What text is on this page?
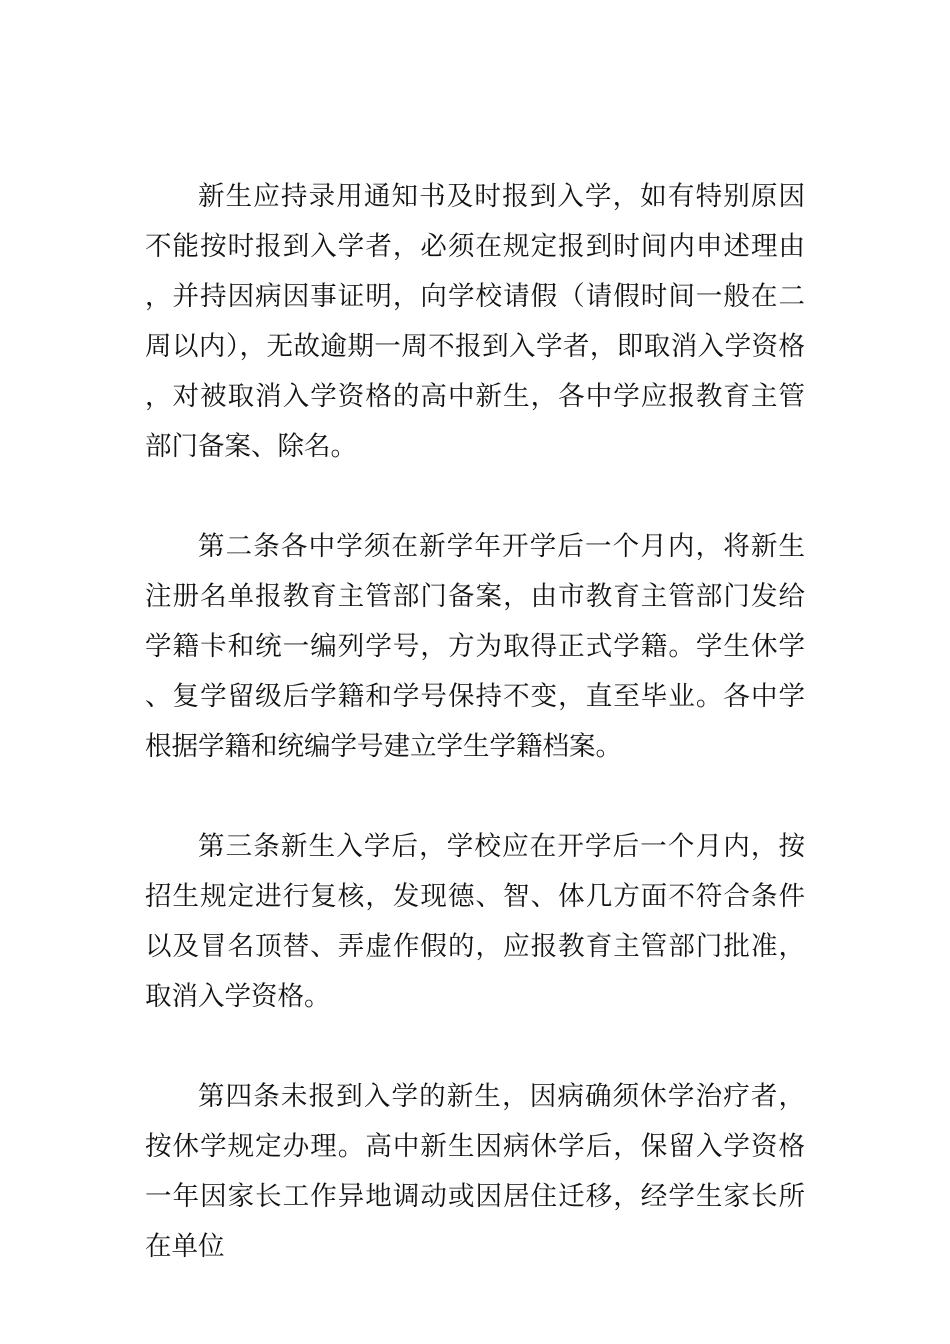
新生应持录用通知书及时报到入学，如有特别原因不能按时报到入学者，必须在规定报到时间内申述理由，并持因病因事证明，向学校请假（请假时间一般在二周以内），无故逾期一周不报到入学者，即取消入学资格，对被取消入学资格的高中新生，各中学应报教育主管部门备案、除名。

第二条各中学须在新学年开学后一个月内，将新生注册名单报教育主管部门备案，由市教育主管部门发给学籍卡和统一编列学号，方为取得正式学籍。学生休学、复学留级后学籍和学号保持不变，直至毕业。各中学根据学籍和统编学号建立学生学籍档案。

第三条新生入学后，学校应在开学后一个月内，按招生规定进行复核，发现德、智、体几方面不符合条件以及冒名顶替、弄虚作假的，应报教育主管部门批准，取消入学资格。

第四条未报到入学的新生，因病确须休学治疗者，按休学规定办理。高中新生因病休学后，保留入学资格一年因家长工作异地调动或因居住迁移，经学生家长所在单位
